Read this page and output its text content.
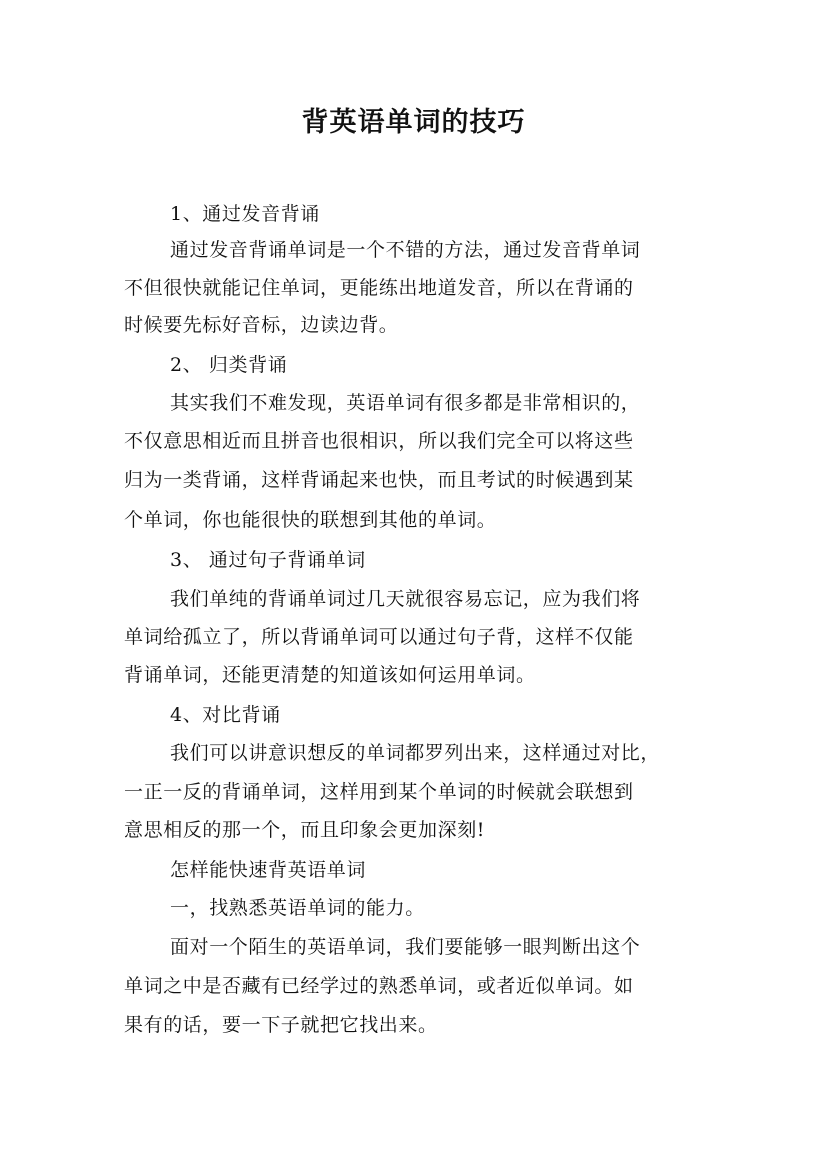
背英语单词的技巧
1、通过发音背诵
通过发音背诵单词是一个不错的方法，通过发音背单词
不但很快就能记住单词，更能练出地道发音，所以在背诵的
时候要先标好音标，边读边背。
2、 归类背诵
其实我们不难发现，英语单词有很多都是非常相识的，
不仅意思相近而且拼音也很相识，所以我们完全可以将这些
归为一类背诵，这样背诵起来也快，而且考试的时候遇到某
个单词，你也能很快的联想到其他的单词。
3、 通过句子背诵单词
我们单纯的背诵单词过几天就很容易忘记，应为我们将
单词给孤立了，所以背诵单词可以通过句子背，这样不仅能
背诵单词，还能更清楚的知道该如何运用单词。
4、对比背诵
我们可以讲意识想反的单词都罗列出来，这样通过对比，
一正一反的背诵单词，这样用到某个单词的时候就会联想到
意思相反的那一个，而且印象会更加深刻!
怎样能快速背英语单词
一，找熟悉英语单词的能力。
面对一个陌生的英语单词，我们要能够一眼判断出这个
单词之中是否藏有已经学过的熟悉单词，或者近似单词。如
果有的话，要一下子就把它找出来。
